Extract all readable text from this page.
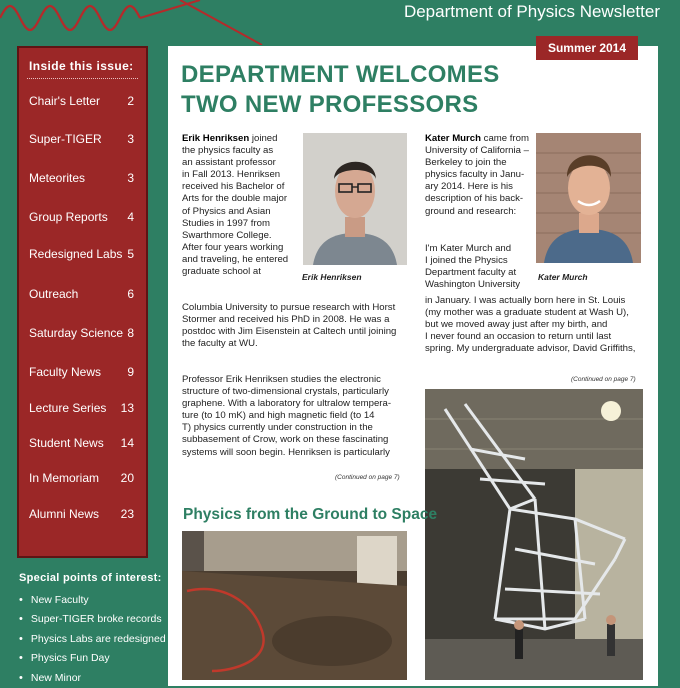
Department of Physics Newsletter
Inside this issue:
Chair's Letter 2
Super-TIGER 3
Meteorites	3
Group Reports 4
Redesigned Labs 5
Outreach	6
Saturday Science 8
Faculty News 9
Lecture Series 13
Student News 14
In Memoriam 20
Alumni News 23
Special points of interest:
• New Faculty
• Super-TIGER broke records
• Physics Labs are redesigned
• Physics Fun Day
• New Minor
Summer 2014
DEPARTMENT WELCOMES TWO NEW PROFESSORS

Erik Henriksen joined
the physics faculty as
an assistant professor
in Fall 2013. Henriksen
received his Bachelor of
Arts for the double major
of Physics and Asian
Studies in 1997 from
Swarthmore College.
After four years working
and traveling, he entered
graduate school at	Erik Henriksen

Columbia University to pursue research with Horst
Stormer and received his PhD in 2008. He was a
postdoc with Jim Eisenstein at Caltech until joining
the faculty at WU.

Professor Erik Henriksen studies the electronic
structure of two-dimensional crystals, particularly
graphene. With a laboratory for ultralow tempera-
ture (to 10 mK) and high magnetic field (to 14
T) physics currently under construction in the
subbasement of Crow, work on these fascinating
systems will soon begin. Henriksen is particularly

(Continued on page 7)

Kater Murch came from
University of California –
Berkeley to join the
physics faculty in Janu-
ary 2014. Here is his
description of his back-
ground and research:

Kater Murch

I'm Kater Murch and
I joined the Physics
Department faculty at
Washington University

in January. I was actually born here in St. Louis
(my mother was a graduate student at Wash U),
but we moved away just after my birth, and
I never found an occasion to return until last
spring. My undergraduate advisor, David Griffiths,

(Continued on page 7)
Physics from the Ground to Space
